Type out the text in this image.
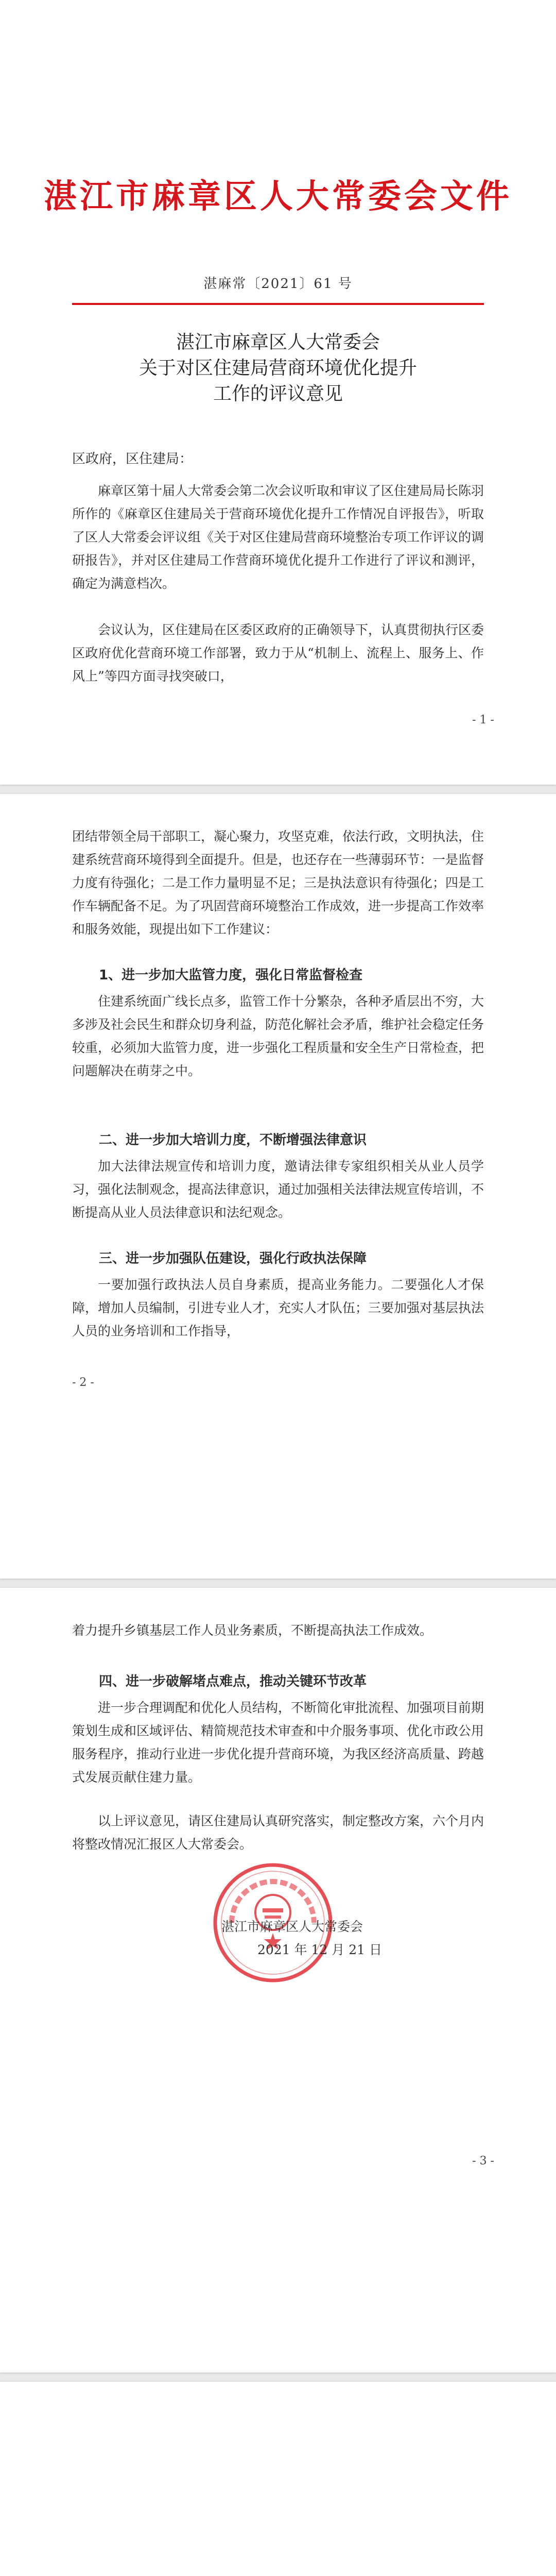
湛江市麻章区人大常委会文件
湛麻常〔2021〕61 号
湛江市麻章区人大常委会
关于对区住建局营商环境优化提升
工作的评议意见
区政府，区住建局：

麻章区第十届人大常委会第二次会议听取和审议了区住建局局长陈羽所作的《麻章区住建局关于营商环境优化提升工作情况自评报告》，听取了区人大常委会评议组《关于对区住建局营商环境整治专项工作评议的调研报告》，并对区住建局工作营商环境优化提升工作进行了评议和测评，确定为满意档次。

会议认为，区住建局在区委区政府的正确领导下，认真贯彻执行区委区政府优化营商环境工作部署，致力于从“机制上、流程上、服务上、作风上”等四方面寻找突破口，

- 1 -

团结带领全局干部职工，凝心聚力，攻坚克难，依法行政，文明执法，住建系统营商环境得到全面提升。但是，也还存在一些薄弱环节：一是监督力度有待强化；二是工作力量明显不足；三是执法意识有待强化；四是工作车辆配备不足。为了巩固营商环境整治工作成效，进一步提高工作效率和服务效能，现提出如下工作建议：

1、进一步加大监管力度，强化日常监督检查

住建系统面广线长点多，监管工作十分繁杂，各种矛盾层出不穷，大多涉及社会民生和群众切身利益，防范化解社会矛盾，维护社会稳定任务较重，必须加大监管力度，进一步强化工程质量和安全生产日常检查，把问题解决在萌芽之中。

二、进一步加大培训力度，不断增强法律意识

加大法律法规宣传和培训力度，邀请法律专家组织相关从业人员学习，强化法制观念，提高法律意识，通过加强相关法律法规宣传培训，不断提高从业人员法律意识和法纪观念。

三、进一步加强队伍建设，强化行政执法保障

一要加强行政执法人员自身素质，提高业务能力。二要强化人才保障，增加人员编制，引进专业人才，充实人才队伍；三要加强对基层执法人员的业务培训和工作指导，

- 2 -

着力提升乡镇基层工作人员业务素质，不断提高执法工作成效。

四、进一步破解堵点难点，推动关键环节改革

进一步合理调配和优化人员结构，不断简化审批流程、加强项目前期策划生成和区域评估、精简规范技术审查和中介服务事项、优化市政公用服务程序，推动行业进一步优化提升营商环境，为我区经济高质量、跨越式发展贡献住建力量。

以上评议意见，请区住建局认真研究落实，制定整改方案，六个月内将整改情况汇报区人大常委会。

湛江市麻章区人大常委会
2021 年 12 月 21 日
- 3 -
